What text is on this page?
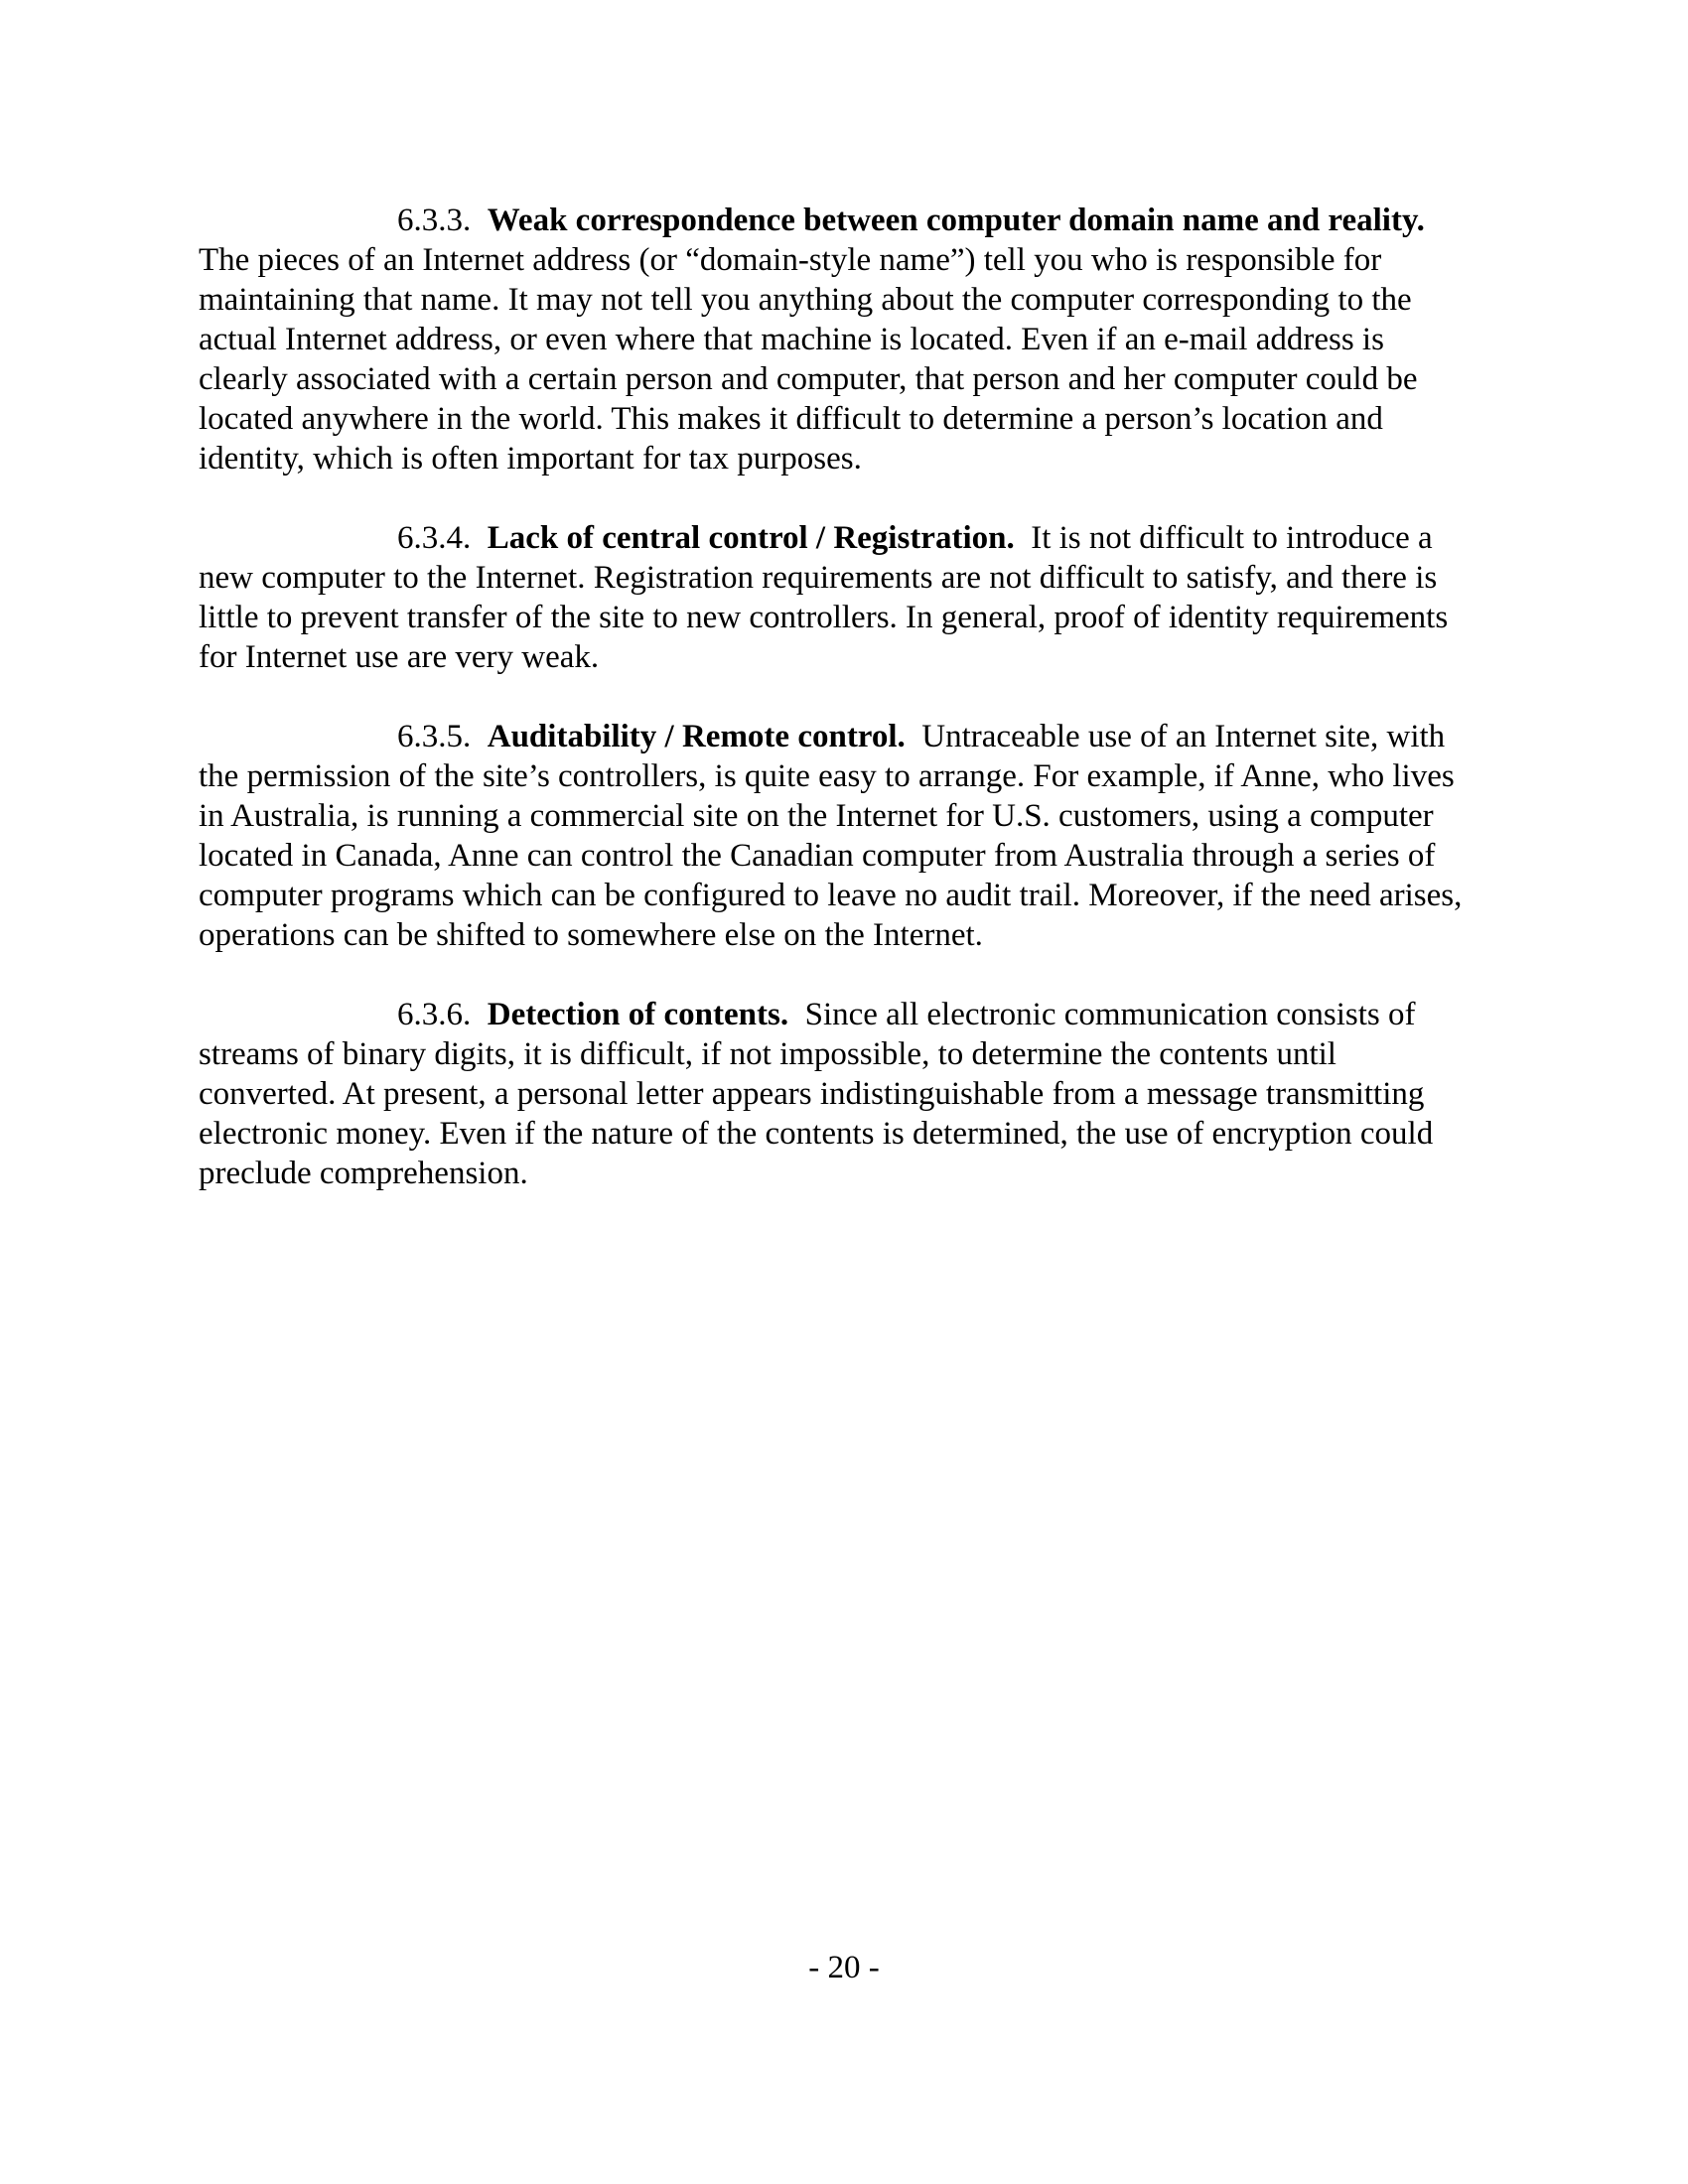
6.3.3. Weak correspondence between computer domain name and reality. The pieces of an Internet address (or “domain-style name”) tell you who is responsible for maintaining that name. It may not tell you anything about the computer corresponding to the actual Internet address, or even where that machine is located. Even if an e-mail address is clearly associated with a certain person and computer, that person and her computer could be located anywhere in the world. This makes it difficult to determine a person’s location and identity, which is often important for tax purposes.

6.3.4. Lack of central control / Registration. It is not difficult to introduce a new computer to the Internet. Registration requirements are not difficult to satisfy, and there is little to prevent transfer of the site to new controllers. In general, proof of identity requirements for Internet use are very weak.

6.3.5. Auditability / Remote control. Untraceable use of an Internet site, with the permission of the site’s controllers, is quite easy to arrange. For example, if Anne, who lives in Australia, is running a commercial site on the Internet for U.S. customers, using a computer located in Canada, Anne can control the Canadian computer from Australia through a series of computer programs which can be configured to leave no audit trail. Moreover, if the need arises, operations can be shifted to somewhere else on the Internet.

6.3.6. Detection of contents. Since all electronic communication consists of streams of binary digits, it is difficult, if not impossible, to determine the contents until converted. At present, a personal letter appears indistinguishable from a message transmitting electronic money. Even if the nature of the contents is determined, the use of encryption could preclude comprehension.

- 20 -
